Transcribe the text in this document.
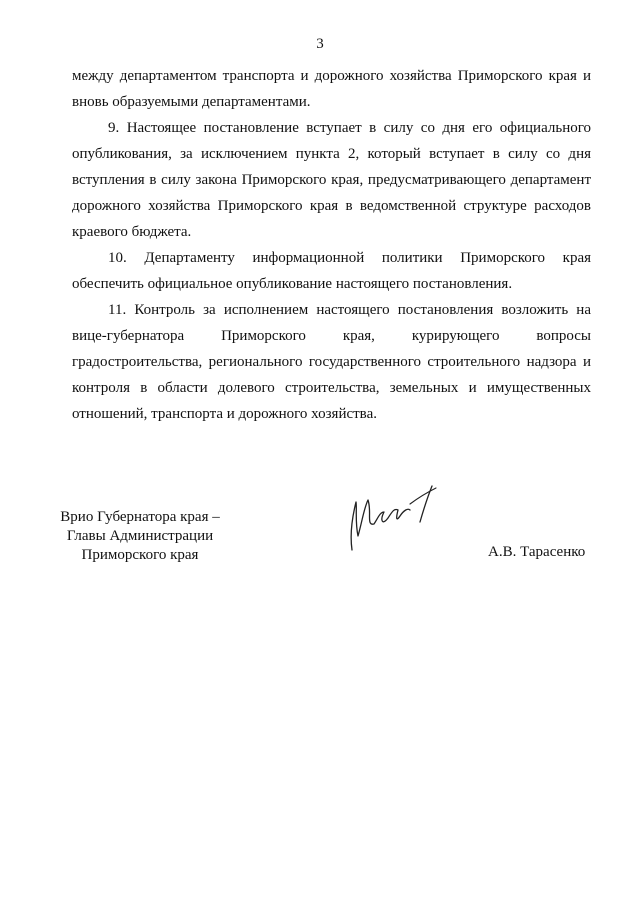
3
между департаментом транспорта и дорожного хозяйства Приморского края и
вновь образуемыми департаментами.
9. Настоящее постановление вступает в силу со дня его официального
опубликования, за исключением пункта 2, который вступает в силу со дня
вступления в силу закона Приморского края, предусматривающего департамент
дорожного хозяйства Приморского края в ведомственной структуре расходов
краевого бюджета.
10. Департаменту информационной политики Приморского края
обеспечить официальное опубликование настоящего постановления.
11. Контроль за исполнением настоящего постановления возложить на
вице-губернатора Приморского края, курирующего вопросы
градостроительства, регионального государственного строительного надзора и
контроля в области долевого строительства, земельных и имущественных
отношений, транспорта и дорожного хозяйства.
Врио Губернатора края –
Главы Администрации
Приморского края	А.В. Тарасенко
